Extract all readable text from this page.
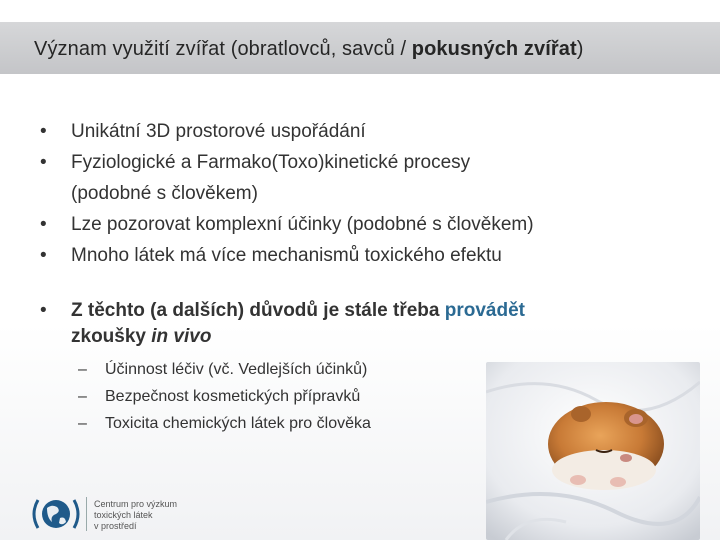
Význam využití zvířat (obratlovců, savců / pokusných zvířat)
• Unikátní 3D prostorové uspořádání
• Fyziologické a Farmako(Toxo)kinetické procesy
(podobné s člověkem)
• Lze pozorovat komplexní účinky (podobné s člověkem)
• Mnoho látek má více mechanismů toxického efektu
• Z těchto (a dalších) důvodů je stále třeba provádět
zkoušky in vivo
– Účinnost léčiv (vč. Vedlejších účinků)
– Bezpečnost kosmetických přípravků
– Toxicita chemických látek pro člověka
Centrum pro výzkum
toxických látek
v prostředí
